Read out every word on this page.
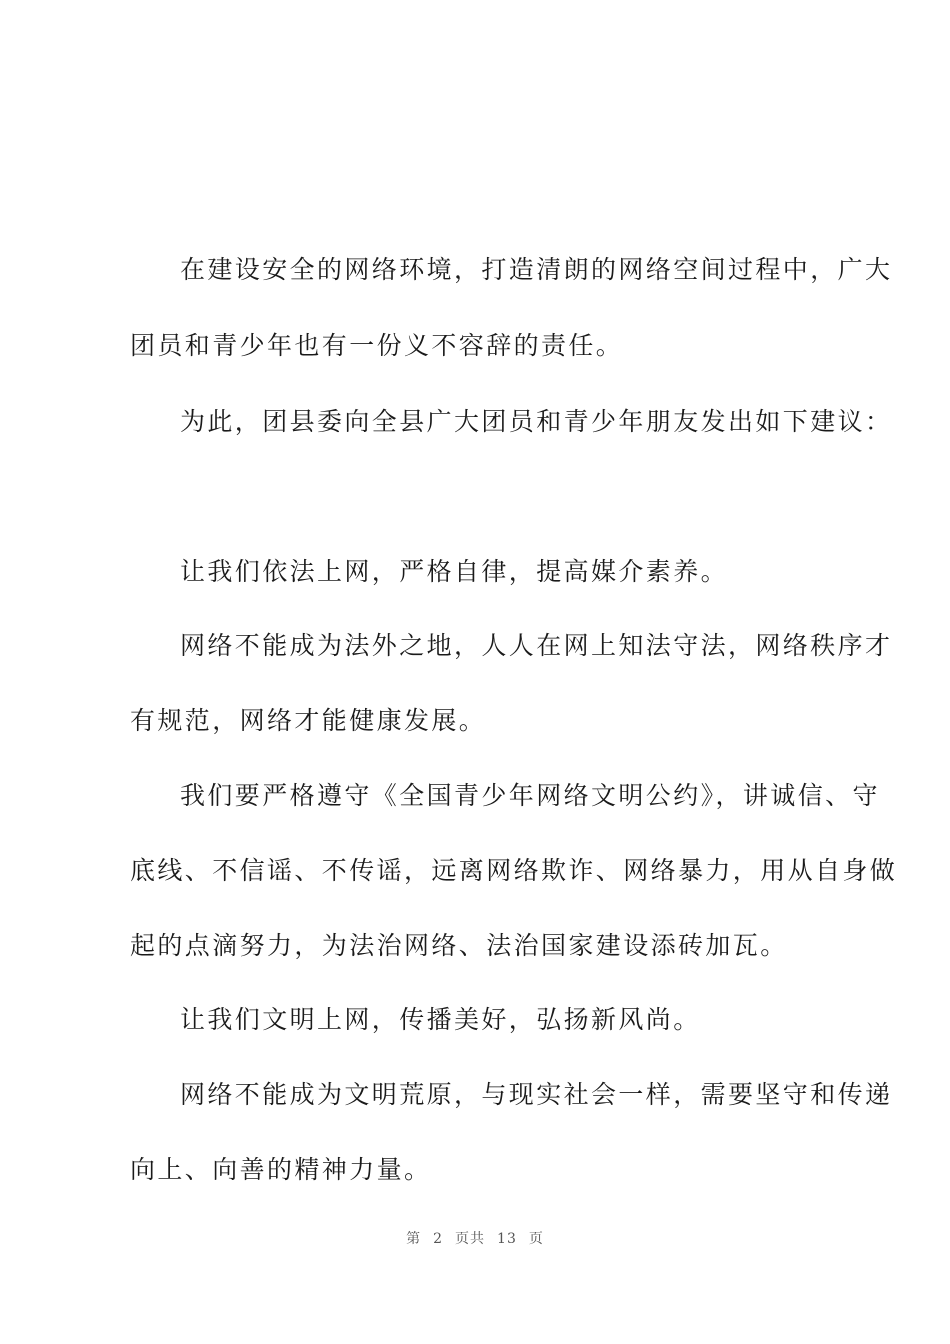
在建设安全的网络环境，打造清朗的网络空间过程中，广大
团员和青少年也有一份义不容辞的责任。
为此，团县委向全县广大团员和青少年朋友发出如下建议：
让我们依法上网，严格自律，提高媒介素养。
网络不能成为法外之地，人人在网上知法守法，网络秩序才
有规范，网络才能健康发展。
我们要严格遵守《全国青少年网络文明公约》，讲诚信、守
底线、不信谣、不传谣，远离网络欺诈、网络暴力，用从自身做
起的点滴努力，为法治网络、法治国家建设添砖加瓦。
让我们文明上网，传播美好，弘扬新风尚。
网络不能成为文明荒原，与现实社会一样，需要坚守和传递
向上、向善的精神力量。
第 2 页共 13 页
